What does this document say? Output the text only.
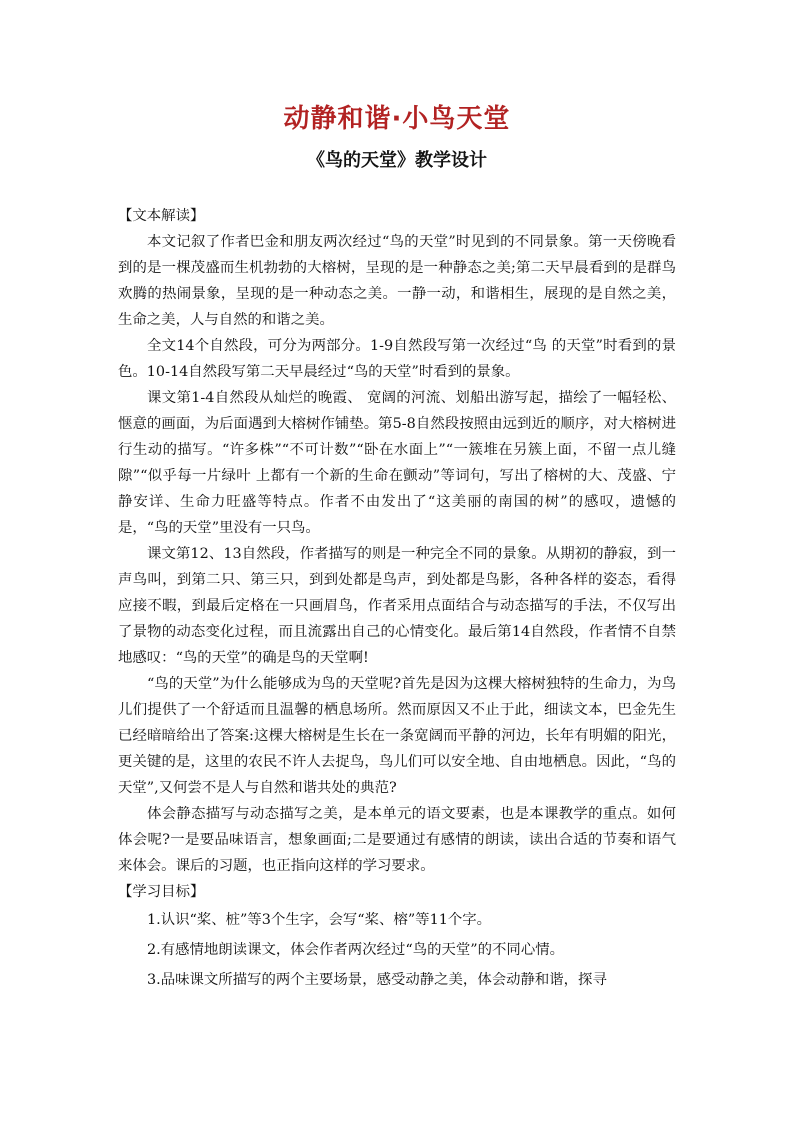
动静和谐·小鸟天堂
《鸟的天堂》教学设计

【文本解读】

本文记叙了作者巴金和朋友两次经过“鸟的天堂”时见到的不同景象。第一天傍晚看到的是一棵茂盛而生机勃勃的大榕树，呈现的是一种静态之美;第二天早晨看到的是群鸟欢腾的热闹景象，呈现的是一种动态之美。一静一动，和谐相生，展现的是自然之美，生命之美，人与自然的和谐之美。

全文14个自然段，可分为两部分。1-9自然段写第一次经过“鸟 的天堂”时看到的景色。10-14自然段写第二天早晨经过“鸟的天堂”时看到的景象。

课文第1-4自然段从灿烂的晚霞、 宽阔的河流、划船出游写起，描绘了一幅轻松、 惬意的画面，为后面遇到大榕树作铺垫。第5-8自然段按照由远到近的顺序，对大榕树进行生动的描写。“许多株”“不可计数”“卧在水面上”“一簇堆在另簇上面，不留一点儿缝隙”“似乎每一片绿叶 上都有一个新的生命在颤动”等词句，写出了榕树的大、茂盛、宁静安详、生命力旺盛等特点。作者不由发出了“这美丽的南国的树”的感叹，遗憾的是，“鸟的天堂”里没有一只鸟。

课文第12、13自然段，作者描写的则是一种完全不同的景象。从期初的静寂，到一声鸟叫，到第二只、第三只，到到处都是鸟声，到处都是鸟影，各种各样的姿态，看得应接不暇，到最后定格在一只画眉鸟，作者采用点面结合与动态描写的手法，不仅写出了景物的动态变化过程，而且流露出自己的心情变化。最后第14自然段，作者情不自禁地感叹：“鸟的天堂”的确是鸟的天堂啊!

“鸟的天堂”为什么能够成为鸟的天堂呢?首先是因为这棵大榕树独特的生命力，为鸟儿们提供了一个舒适而且温馨的栖息场所。然而原因又不止于此，细读文本，巴金先生已经暗暗给出了答案:这棵大榕树是生长在一条宽阔而平静的河边，长年有明媚的阳光，更关键的是，这里的农民不许人去捉鸟，鸟儿们可以安全地、自由地栖息。因此，“鸟的天堂”,又何尝不是人与自然和谐共处的典范?

体会静态描写与动态描写之美，是本单元的语文要素，也是本课教学的重点。如何体会呢?一是要品味语言，想象画面;二是要通过有感情的朗读，读出合适的节奏和语气来体会。课后的习题，也正指向这样的学习要求。

【学习目标】

1.认识“桨、桩”等3个生字，会写“桨、榕”等11个字。

2.有感情地朗读课文，体会作者两次经过“鸟的天堂”的不同心情。

3.品味课文所描写的两个主要场景，感受动静之美，体会动静和谐，探寻
